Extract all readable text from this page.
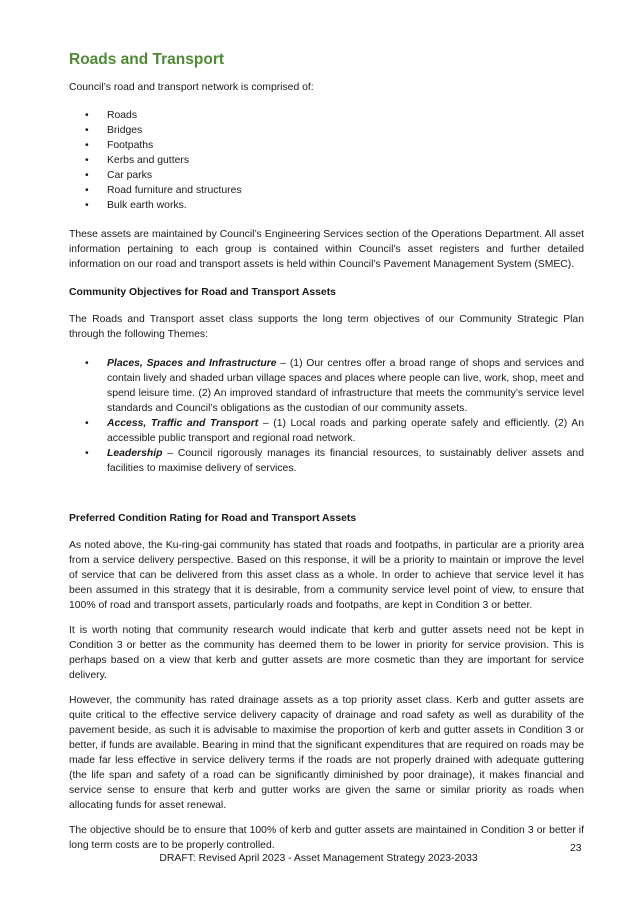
Roads and Transport

Council’s road and transport network is comprised of:

• Roads
• Bridges
• Footpaths
• Kerbs and gutters
• Car parks
• Road furniture and structures
• Bulk earth works.

These assets are maintained by Council’s Engineering Services section of the Operations Department. All asset information pertaining to each group is contained within Council’s asset registers and further detailed information on our road and transport assets is held within Council’s Pavement Management System (SMEC).

Community Objectives for Road and Transport Assets

The Roads and Transport asset class supports the long term objectives of our Community Strategic Plan through the following Themes:

• Places, Spaces and Infrastructure – (1) Our centres offer a broad range of shops and services and contain lively and shaded urban village spaces and places where people can live, work, shop, meet and spend leisure time. (2) An improved standard of infrastructure that meets the community’s service level standards and Council’s obligations as the custodian of our community assets.
• Access, Traffic and Transport – (1) Local roads and parking operate safely and efficiently. (2) An accessible public transport and regional road network.
• Leadership – Council rigorously manages its financial resources, to sustainably deliver assets and facilities to maximise delivery of services.
Preferred Condition Rating for Road and Transport Assets

As noted above, the Ku-ring-gai community has stated that roads and footpaths, in particular are a priority area from a service delivery perspective. Based on this response, it will be a priority to maintain or improve the level of service that can be delivered from this asset class as a whole. In order to achieve that service level it has been assumed in this strategy that it is desirable, from a community service level point of view, to ensure that 100% of road and transport assets, particularly roads and footpaths, are kept in Condition 3 or better.

It is worth noting that community research would indicate that kerb and gutter assets need not be kept in Condition 3 or better as the community has deemed them to be lower in priority for service provision. This is perhaps based on a view that kerb and gutter assets are more cosmetic than they are important for service delivery.

However, the community has rated drainage assets as a top priority asset class. Kerb and gutter assets are quite critical to the effective service delivery capacity of drainage and road safety as well as durability of the pavement beside, as such it is advisable to maximise the proportion of kerb and gutter assets in Condition 3 or better, if funds are available. Bearing in mind that the significant expenditures that are required on roads may be made far less effective in service delivery terms if the roads are not properly drained with adequate guttering (the life span and safety of a road can be significantly diminished by poor drainage), it makes financial and service sense to ensure that kerb and gutter works are given the same or similar priority as roads when allocating funds for asset renewal.

The objective should be to ensure that 100% of kerb and gutter assets are maintained in Condition 3 or better if long term costs are to be properly controlled.	23
DRAFT: Revised April 2023 - Asset Management Strategy 2023-2033
